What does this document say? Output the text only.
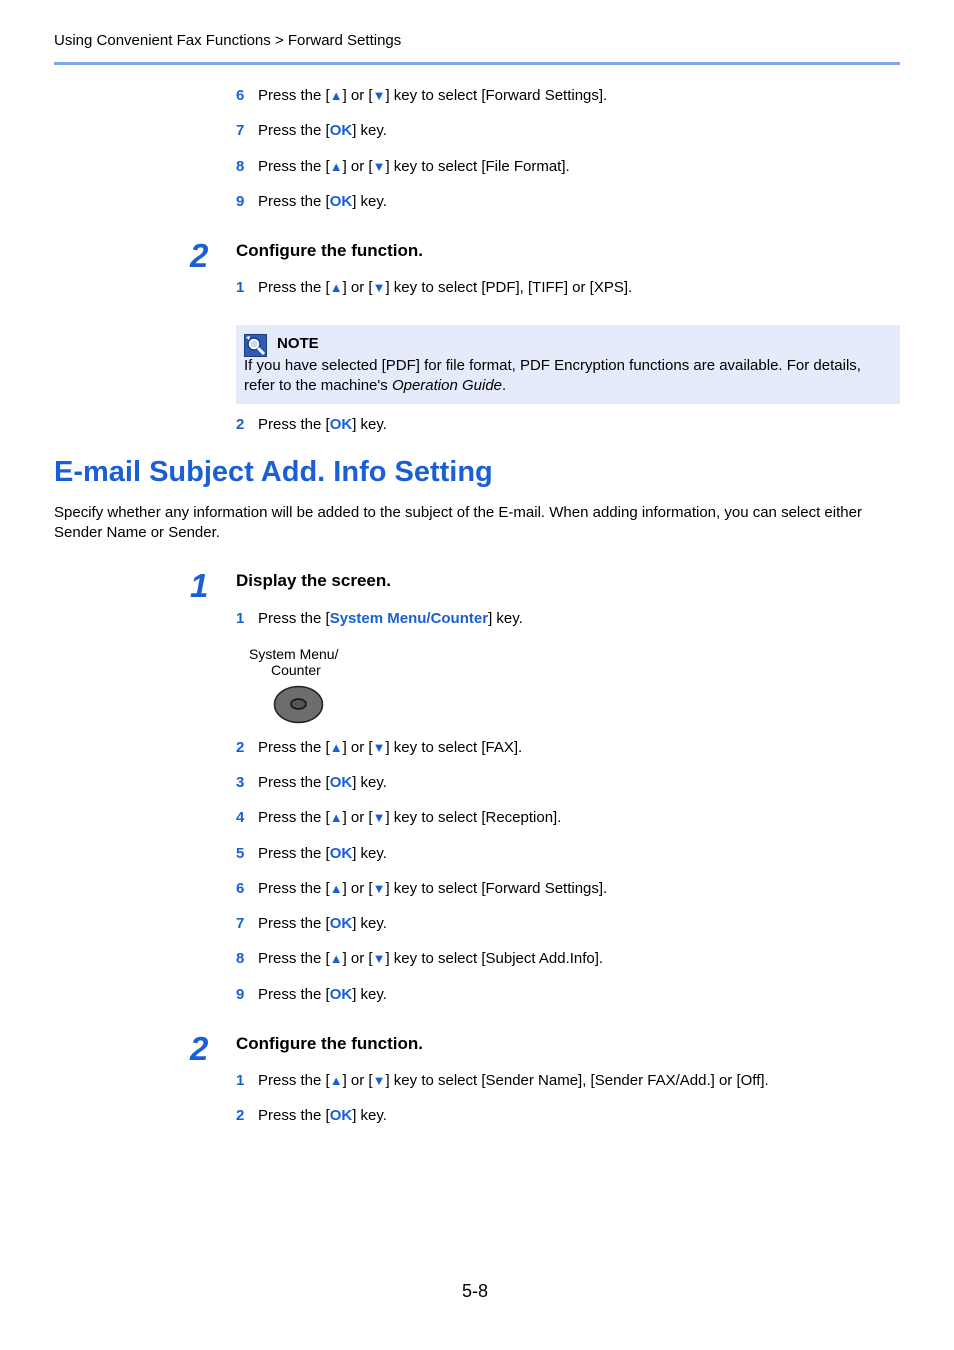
Using Convenient Fax Functions > Forward Settings
6 Press the [▲] or [▼] key to select [Forward Settings].
7 Press the [OK] key.
8 Press the [▲] or [▼] key to select [File Format].
9 Press the [OK] key.
2 Configure the function.
1 Press the [▲] or [▼] key to select [PDF], [TIFF] or [XPS].
NOTE
If you have selected [PDF] for file format, PDF Encryption functions are available. For details, refer to the machine's Operation Guide.
2 Press the [OK] key.
E-mail Subject Add. Info Setting
Specify whether any information will be added to the subject of the E-mail. When adding information, you can select either Sender Name or Sender.
1 Display the screen.
1 Press the [System Menu/Counter] key.
System Menu/
Counter
2 Press the [▲] or [▼] key to select [FAX].
3 Press the [OK] key.
4 Press the [▲] or [▼] key to select [Reception].
5 Press the [OK] key.
6 Press the [▲] or [▼] key to select [Forward Settings].
7 Press the [OK] key.
8 Press the [▲] or [▼] key to select [Subject Add.Info].
9 Press the [OK] key.
2 Configure the function.
1 Press the [▲] or [▼] key to select [Sender Name], [Sender FAX/Add.] or [Off].
2 Press the [OK] key.
5-8
